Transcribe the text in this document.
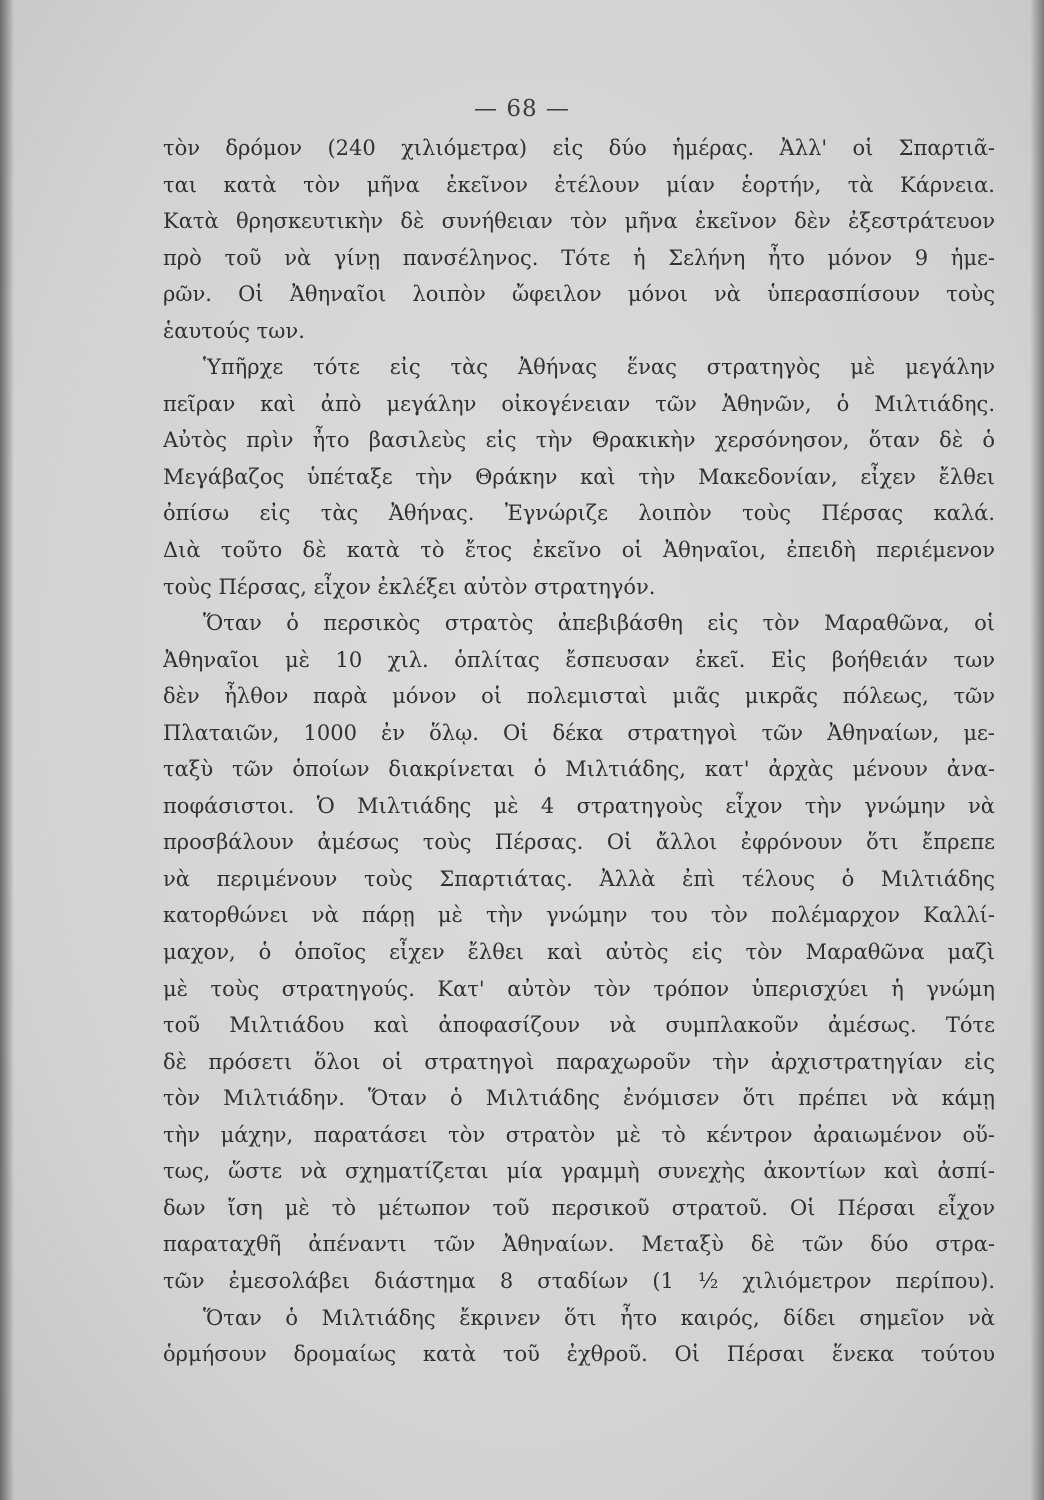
— 68 —
τὸν δρόμον (240 χιλιόμετρα) εἰς δύο ἡμέρας. Ἀλλ' οἱ Σπαρτιᾶ-
ται κατὰ τὸν μῆνα ἐκεῖνον ἐτέλουν μίαν ἑορτήν, τὰ Κάρνεια.
Κατὰ θρησκευτικὴν δὲ συνήθειαν τὸν μῆνα ἐκεῖνον δὲν ἐξεστράτευον
πρὸ τοῦ νὰ γίνῃ πανσέληνος. Τότε ἡ Σελήνη ἦτο μόνον 9 ἡμε-
ρῶν. Οἱ Ἀθηναῖοι λοιπὸν ὤφειλον μόνοι νὰ ὑπερασπίσουν τοὺς
ἑαυτούς των.
Ὑπῆρχε τότε εἰς τὰς Ἀθήνας ἕνας στρατηγὸς μὲ μεγάλην
πεῖραν καὶ ἀπὸ μεγάλην οἰκογένειαν τῶν Ἀθηνῶν, ὁ Μιλτιάδης.
Αὐτὸς πρὶν ἦτο βασιλεὺς εἰς τὴν Θρακικὴν χερσόνησον, ὅταν δὲ ὁ
Μεγάβαζος ὑπέταξε τὴν Θράκην καὶ τὴν Μακεδονίαν, εἶχεν ἔλθει
ὀπίσω εἰς τὰς Ἀθήνας. Ἐγνώριζε λοιπὸν τοὺς Πέρσας καλά.
Διὰ τοῦτο δὲ κατὰ τὸ ἔτος ἐκεῖνο οἱ Ἀθηναῖοι, ἐπειδὴ περιέμενον
τοὺς Πέρσας, εἶχον ἐκλέξει αὐτὸν στρατηγόν.
Ὅταν ὁ περσικὸς στρατὸς ἀπεβιβάσθη εἰς τὸν Μαραθῶνα, οἱ
Ἀθηναῖοι μὲ 10 χιλ. ὁπλίτας ἔσπευσαν ἐκεῖ. Εἰς βοήθειάν των
δὲν ἦλθον παρὰ μόνον οἱ πολεμισταὶ μιᾶς μικρᾶς πόλεως, τῶν
Πλαταιῶν, 1000 ἐν ὅλῳ. Οἱ δέκα στρατηγοὶ τῶν Ἀθηναίων, με-
ταξὺ τῶν ὁποίων διακρίνεται ὁ Μιλτιάδης, κατ' ἀρχὰς μένουν ἀνα-
ποφάσιστοι. Ὁ Μιλτιάδης μὲ 4 στρατηγοὺς εἶχον τὴν γνώμην νὰ
προσβάλουν ἀμέσως τοὺς Πέρσας. Οἱ ἄλλοι ἐφρόνουν ὅτι ἔπρεπε
νὰ περιμένουν τοὺς Σπαρτιάτας. Ἀλλὰ ἐπὶ τέλους ὁ Μιλτιάδης
κατορθώνει νὰ πάρῃ μὲ τὴν γνώμην του τὸν πολέμαρχον Καλλί-
μαχον, ὁ ὁποῖος εἶχεν ἔλθει καὶ αὐτὸς εἰς τὸν Μαραθῶνα μαζὶ
μὲ τοὺς στρατηγούς. Κατ' αὐτὸν τὸν τρόπον ὑπερισχύει ἡ γνώμη
τοῦ Μιλτιάδου καὶ ἀποφασίζουν νὰ συμπλακοῦν ἀμέσως. Τότε
δὲ πρόσετι ὅλοι οἱ στρατηγοὶ παραχωροῦν τὴν ἀρχιστρατηγίαν εἰς
τὸν Μιλτιάδην. Ὅταν ὁ Μιλτιάδης ἐνόμισεν ὅτι πρέπει νὰ κάμῃ
τὴν μάχην, παρατάσει τὸν στρατὸν μὲ τὸ κέντρον ἀραιωμένον οὕ-
τως, ὥστε νὰ σχηματίζεται μία γραμμὴ συνεχὴς ἀκοντίων καὶ ἀσπί-
δων ἴση μὲ τὸ μέτωπον τοῦ περσικοῦ στρατοῦ. Οἱ Πέρσαι εἶχον
παραταχθῆ ἀπέναντι τῶν Ἀθηναίων. Μεταξὺ δὲ τῶν δύο στρα-
τῶν ἐμεσολάβει διάστημα 8 σταδίων (1 ½ χιλιόμετρον περίπου).
Ὅταν ὁ Μιλτιάδης ἔκρινεν ὅτι ἦτο καιρός, δίδει σημεῖον νὰ
ὁρμήσουν δρομαίως κατὰ τοῦ ἐχθροῦ. Οἱ Πέρσαι ἕνεκα τούτου
